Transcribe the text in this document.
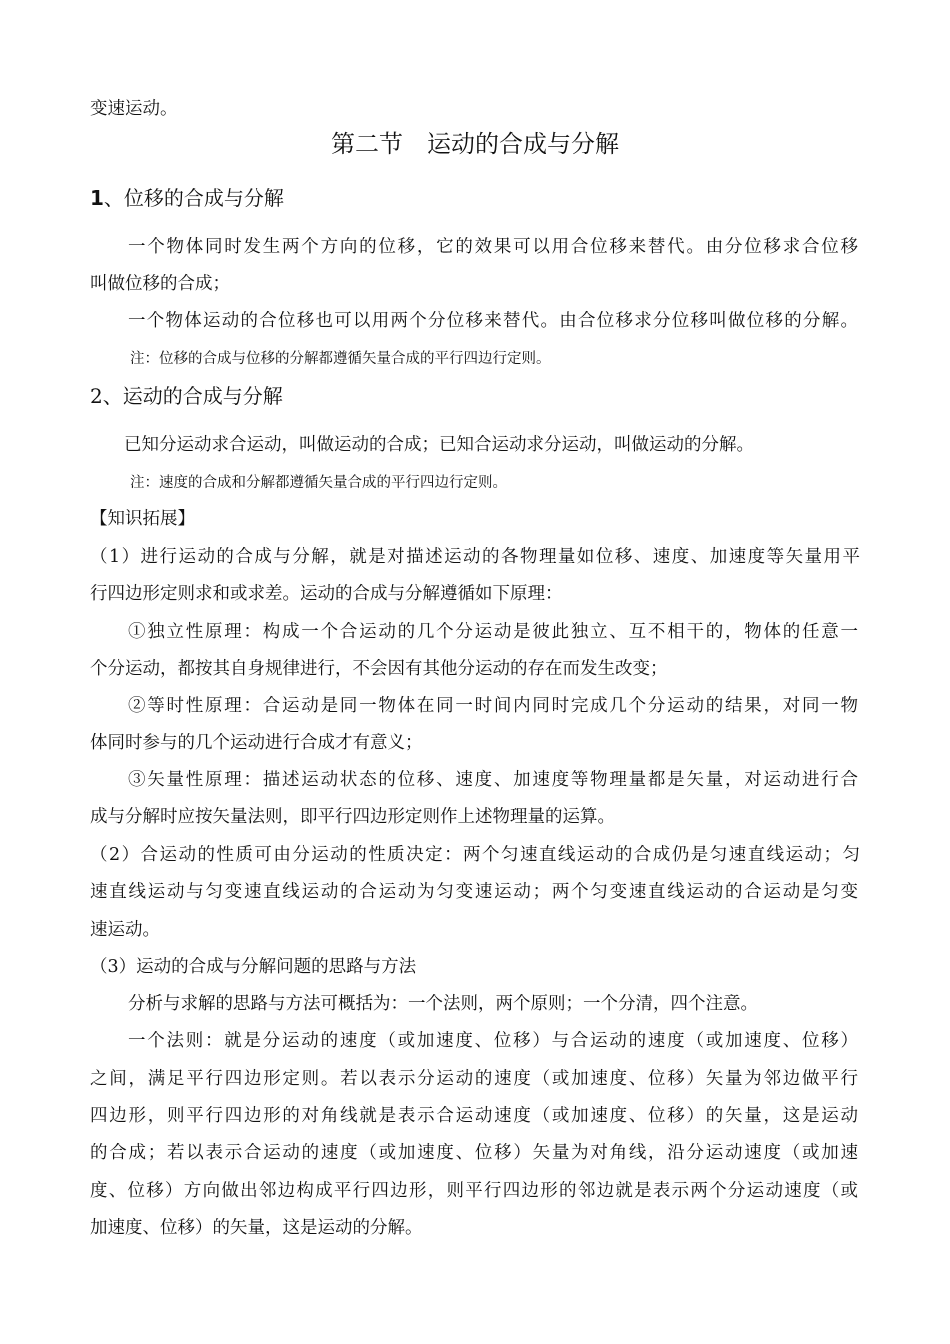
变速运动。
第二节　运动的合成与分解
1、位移的合成与分解
一个物体同时发生两个方向的位移，它的效果可以用合位移来替代。由分位移求合位移
叫做位移的合成；
一个物体运动的合位移也可以用两个分位移来替代。由合位移求分位移叫做位移的分解。
注：位移的合成与位移的分解都遵循矢量合成的平行四边行定则。
2、运动的合成与分解
已知分运动求合运动，叫做运动的合成；已知合运动求分运动，叫做运动的分解。
注：速度的合成和分解都遵循矢量合成的平行四边行定则。
【知识拓展】
（1）进行运动的合成与分解，就是对描述运动的各物理量如位移、速度、加速度等矢量用平
行四边形定则求和或求差。运动的合成与分解遵循如下原理：
①独立性原理：构成一个合运动的几个分运动是彼此独立、互不相干的，物体的任意一
个分运动，都按其自身规律进行，不会因有其他分运动的存在而发生改变；
②等时性原理：合运动是同一物体在同一时间内同时完成几个分运动的结果，对同一物
体同时参与的几个运动进行合成才有意义；
③矢量性原理：描述运动状态的位移、速度、加速度等物理量都是矢量，对运动进行合
成与分解时应按矢量法则，即平行四边形定则作上述物理量的运算。
（2）合运动的性质可由分运动的性质决定：两个匀速直线运动的合成仍是匀速直线运动；匀
速直线运动与匀变速直线运动的合运动为匀变速运动；两个匀变速直线运动的合运动是匀变
速运动。
（3）运动的合成与分解问题的思路与方法
分析与求解的思路与方法可概括为：一个法则，两个原则；一个分清，四个注意。
一个法则：就是分运动的速度（或加速度、位移）与合运动的速度（或加速度、位移）
之间，满足平行四边形定则。若以表示分运动的速度（或加速度、位移）矢量为邻边做平行
四边形，则平行四边形的对角线就是表示合运动速度（或加速度、位移）的矢量，这是运动
的合成；若以表示合运动的速度（或加速度、位移）矢量为对角线，沿分运动速度（或加速
度、位移）方向做出邻边构成平行四边形，则平行四边形的邻边就是表示两个分运动速度（或
加速度、位移）的矢量，这是运动的分解。
